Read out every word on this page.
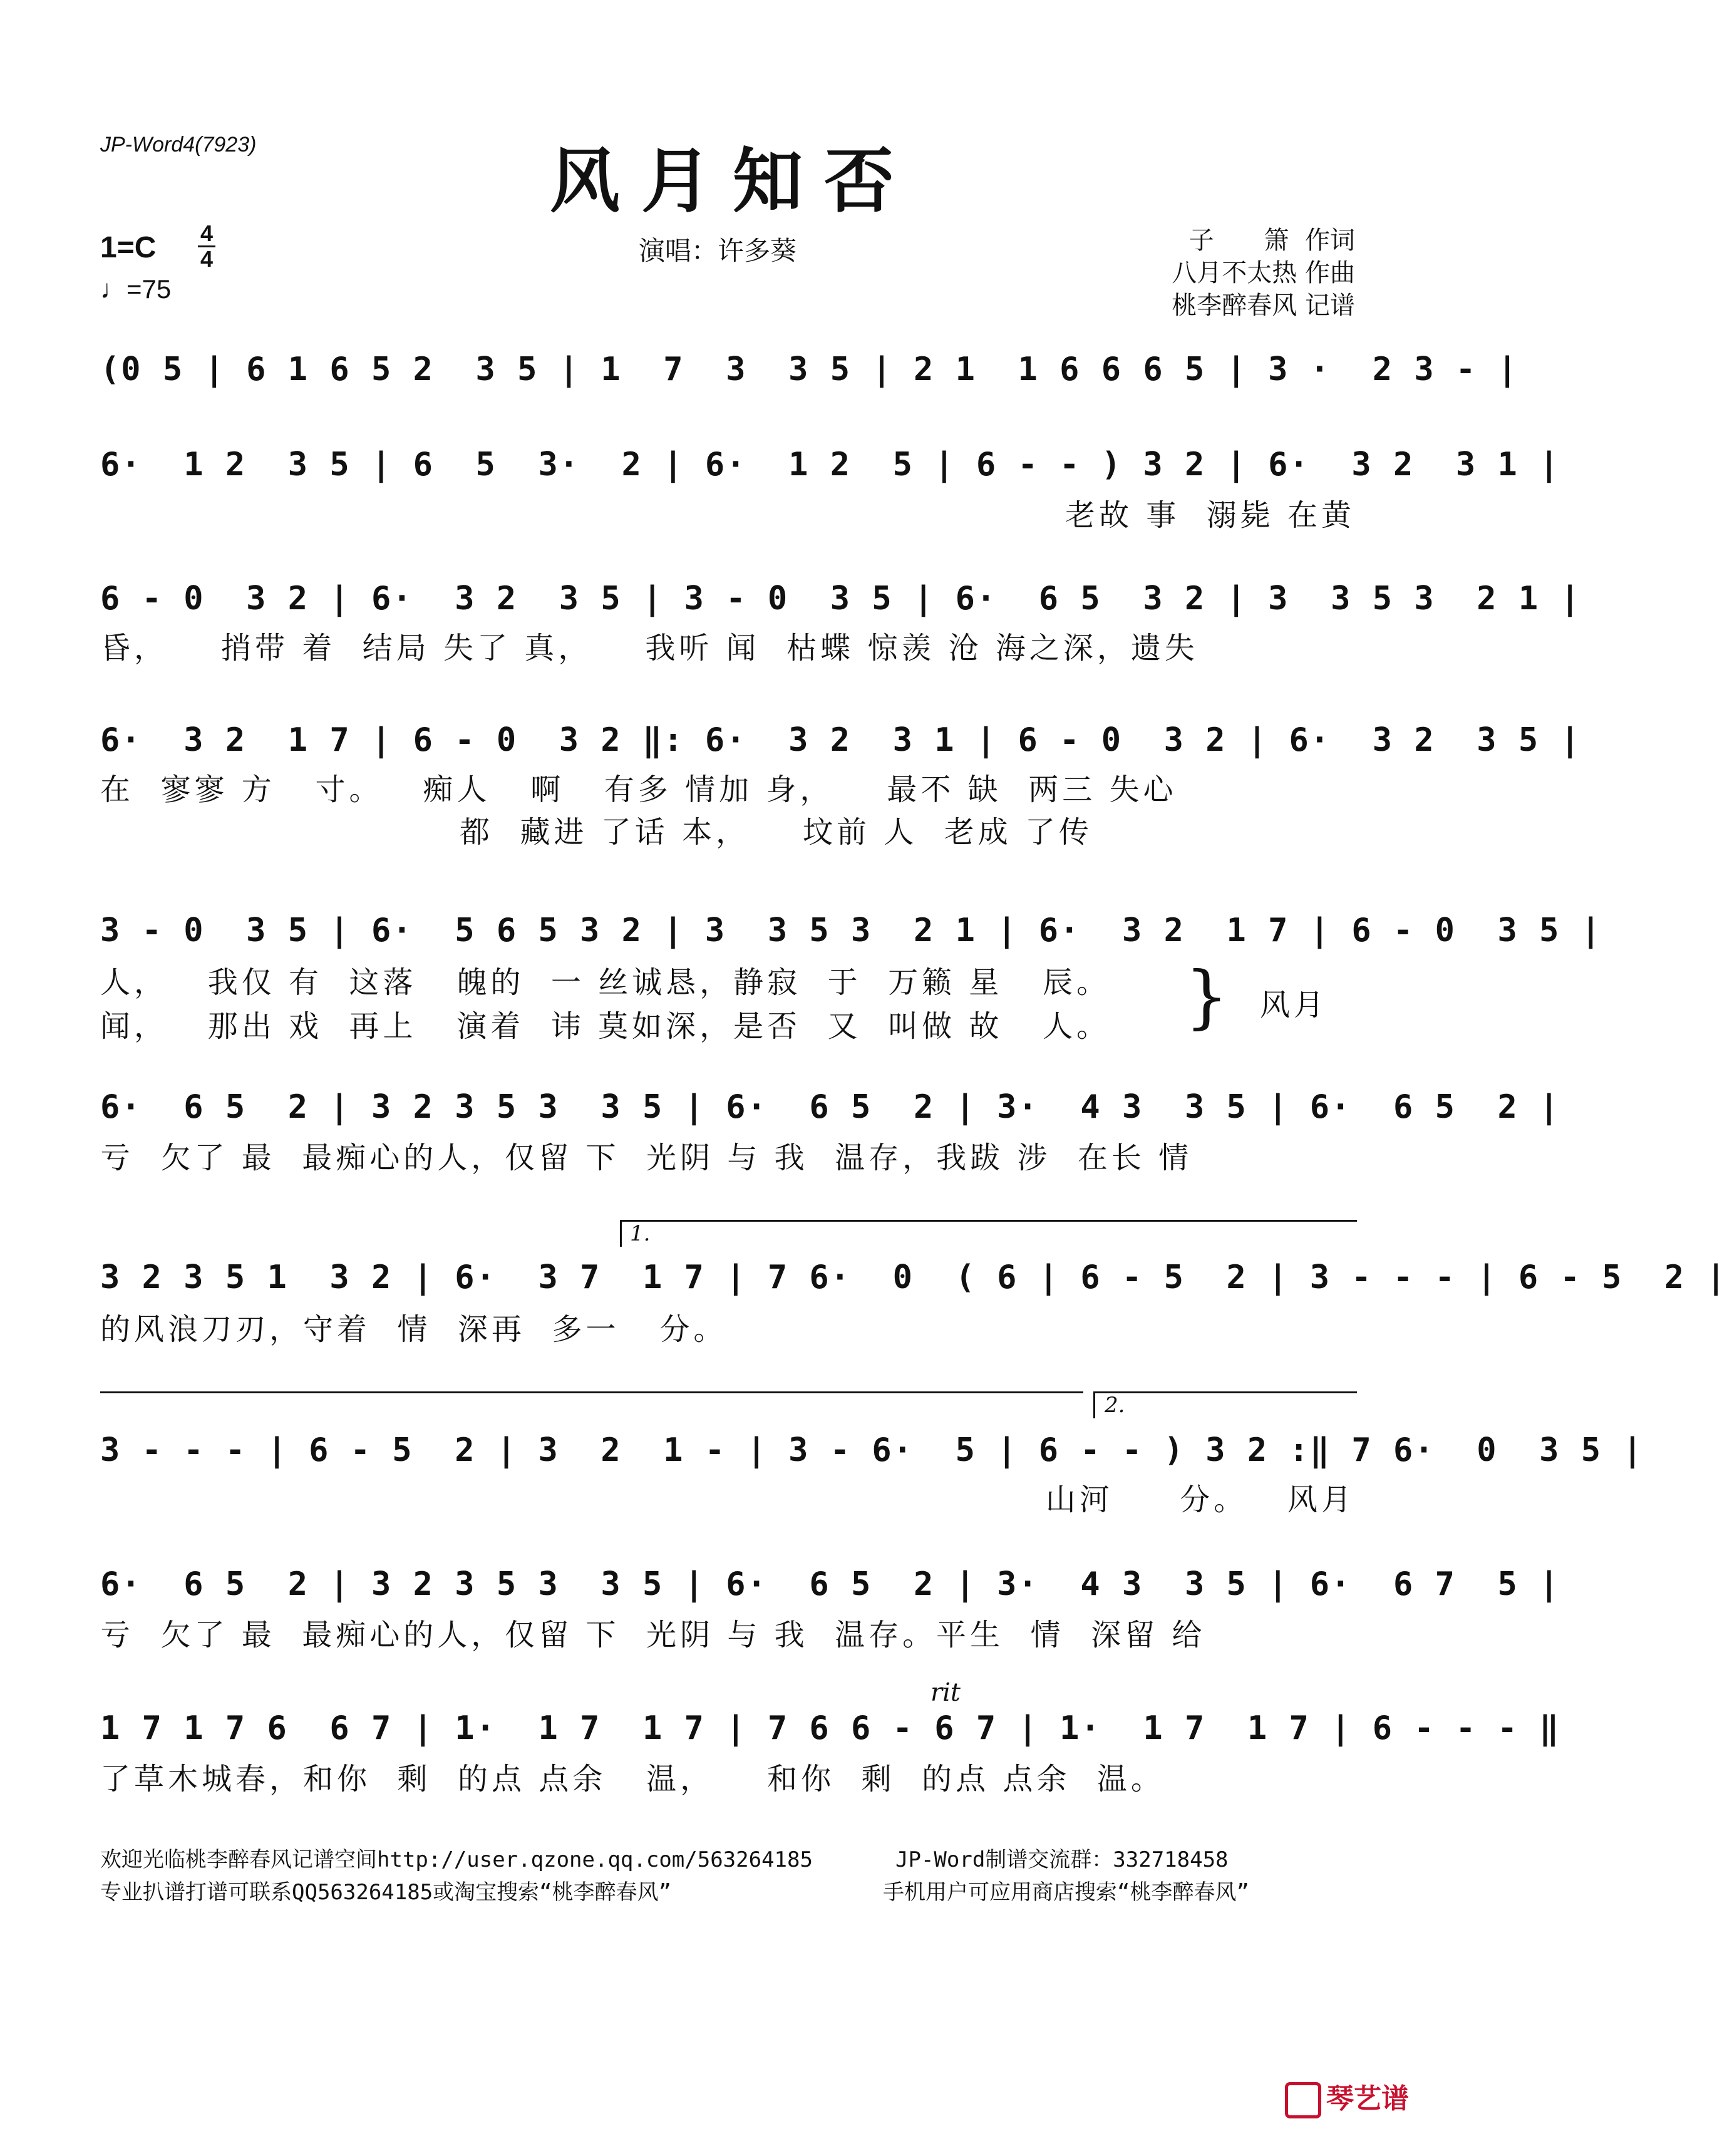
JP-Word4(7923)	风月知否
演唱：许多葵	子　　箫  作词
八月不太热 作曲
桃李醉春风 记谱
1=C 4
4
♩=75
(0 5 | 6 1 6 5 2  3 5 | 1  7  3  3 5 | 2 1  1 6 6 6 5 | 3 ·  2 3 - |
6·  1 2  3 5 | 6  5  3·  2 | 6·  1 2  5 | 6 - - ) 3 2 | 6·  3 2  3 1 |
老故 事  溺毙 在黄
6 - 0  3 2 | 6·  3 2  3 5 | 3 - 0  3 5 | 6·  6 5  3 2 | 3  3 5 3  2 1 |
昏，    捎带 着  结局 失了 真，    我听 闻  枯蝶 惊羡 沧 海之深，遗失
6·  3 2  1 7 | 6 - 0  3 2 ‖: 6·  3 2  3 1 | 6 - 0  3 2 | 6·  3 2  3 5 |
在  寥寥 方   寸。   痴人   啊   有多 情加 身，    最不 缺  两三 失心
都  藏进 了话 本，    坟前 人  老成 了传
3 - 0  3 5 | 6·  5 6 5 3 2 | 3  3 5 3  2 1 | 6·  3 2  1 7 | 6 - 0  3 5 |
人，   我仅 有  这落   魄的  一 丝诚恳，静寂  于  万籁 星   辰。
闻，   那出 戏  再上   演着  讳 莫如深，是否  又  叫做 故   人。	} 风月
6·  6 5  2 | 3 2 3 5 3  3 5 | 6·  6 5  2 | 3·  4 3  3 5 | 6·  6 5  2 |
亏  欠了 最  最痴心的人，仅留 下  光阴 与 我  温存，我跋 涉  在长 情
1.
3 2 3 5 1  3 2 | 6·  3 7  1 7 | 7 6·  0  ( 6 | 6 - 5  2 | 3 - - - | 6 - 5  2 |
的风浪刀刃，守着  情  深再  多一   分。
2.
3 - - - | 6 - 5  2 | 3  2  1 - | 3 - 6·  5 | 6 - - ) 3 2 :‖ 7 6·  0  3 5 |
山河     分。   风月
6·  6 5  2 | 3 2 3 5 3  3 5 | 6·  6 5  2 | 3·  4 3  3 5 | 6·  6 7  5 |
亏  欠了 最  最痴心的人，仅留 下  光阴 与 我  温存。平生  情  深留 给
rit
1 7 1 7 6  6 7 | 1·  1 7  1 7 | 7 6 6 - 6 7 | 1·  1 7  1 7 | 6 - - - ‖
了草木城春，和你  剩  的点 点余   温，    和你  剩  的点 点余  温。
欢迎光临桃李醉春风记谱空间http://user.qzone.qq.com/563264185	JP-Word制谱交流群：332718458
专业扒谱打谱可联系QQ563264185或淘宝搜索“桃李醉春风”	手机用户可应用商店搜索“桃李醉春风”
琴艺谱
